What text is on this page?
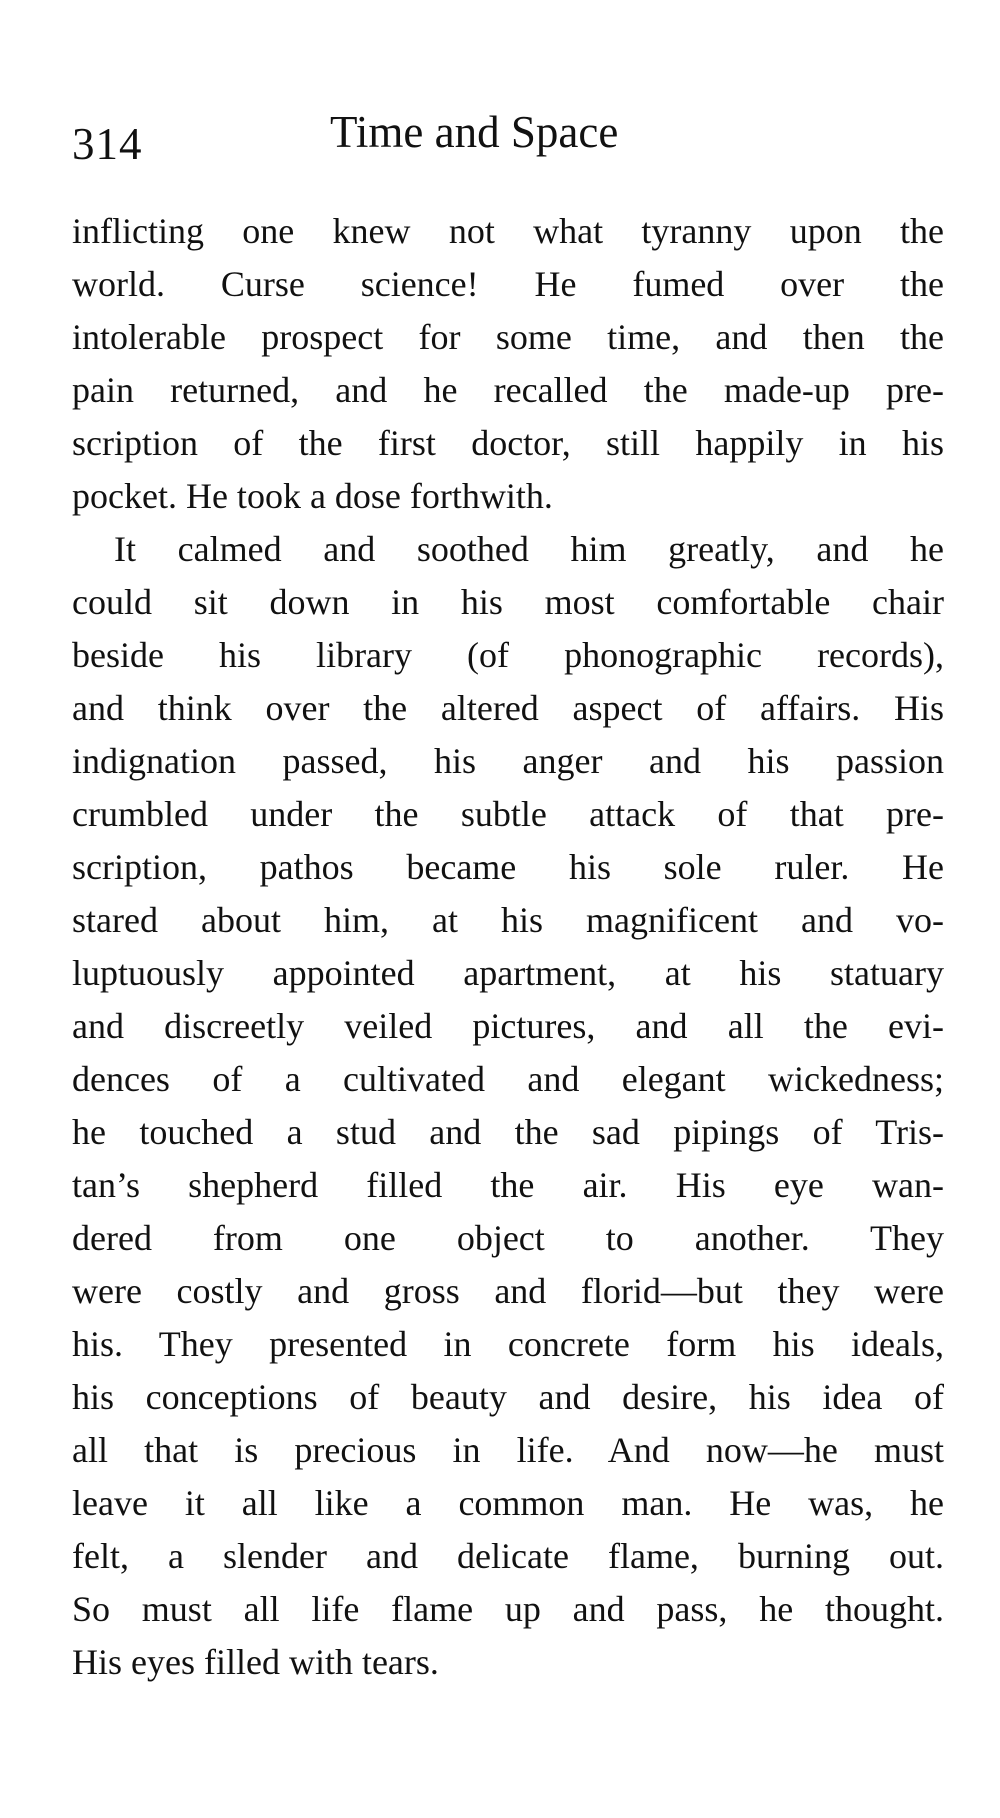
314	Time and Space
inflicting one knew not what tyranny upon the
world. Curse science! He fumed over the
intolerable prospect for some time, and then the
pain returned, and he recalled the made-up pre-
scription of the first doctor, still happily in his
pocket. He took a dose forthwith.
It calmed and soothed him greatly, and he
could sit down in his most comfortable chair
beside his library (of phonographic records),
and think over the altered aspect of affairs. His
indignation passed, his anger and his passion
crumbled under the subtle attack of that pre-
scription, pathos became his sole ruler. He
stared about him, at his magnificent and vo-
luptuously appointed apartment, at his statuary
and discreetly veiled pictures, and all the evi-
dences of a cultivated and elegant wickedness;
he touched a stud and the sad pipings of Tris-
tan’s shepherd filled the air. His eye wan-
dered from one object to another. They
were costly and gross and florid—but they were
his. They presented in concrete form his ideals,
his conceptions of beauty and desire, his idea of
all that is precious in life. And now—he must
leave it all like a common man. He was, he
felt, a slender and delicate flame, burning out.
So must all life flame up and pass, he thought.
His eyes filled with tears.
